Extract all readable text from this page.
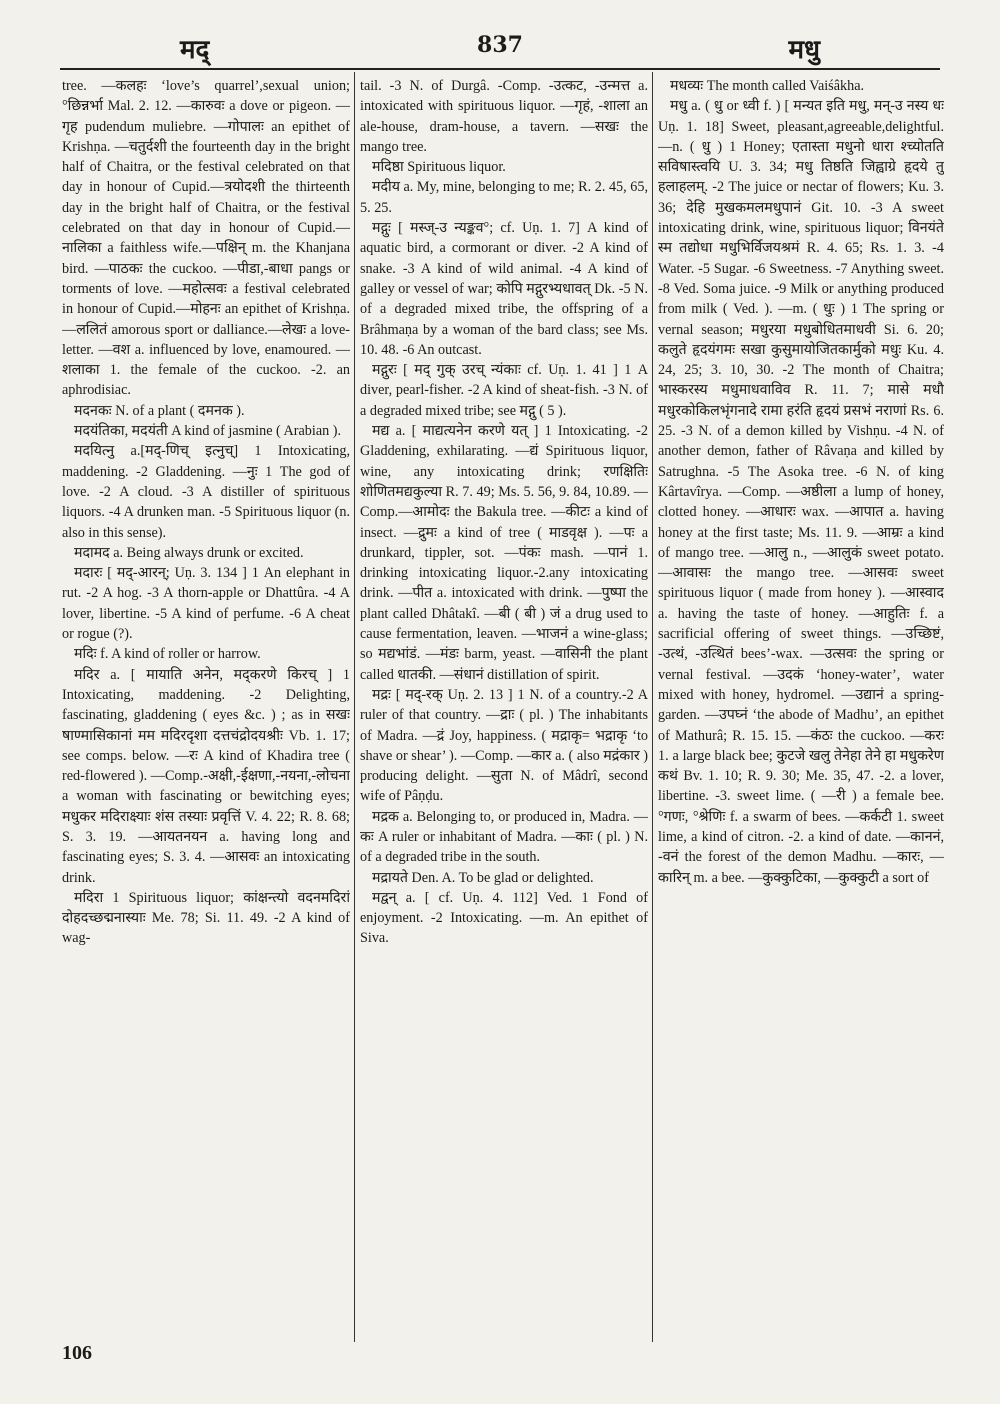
मद्	837	मधु

tree. —कलहः ‘love’s quarrel’,sexual union; °छिन्नर्भा Mal. 2. 12. —कारुवः a dove or pigeon. —गृह pudendum muliebre. —गोपालः an epithet of Krishṇa. —चतुर्दशी the fourteenth day in the bright half of Chaitra, or the festival celebrated on that day in honour of Cupid.—त्रयोदशी the thirteenth day in the bright half of Chaitra, or the festival celebrated on that day in honour of Cupid.—नालिका a faithless wife.—पक्षिन् m. the Khanjana bird. —पाठकः the cuckoo. —पीडा,-बाधा pangs or torments of love. —महोत्सवः a festival celebrated in honour of Cupid.—मोहनः an epithet of Krishṇa. —ललितं amorous sport or dalliance.—लेखः a love-letter. —वश a. influenced by love, enamoured. —शलाका 1. the female of the cuckoo. -2. an aphrodisiac.

मदनकः N. of a plant ( दमनक ).

मदयंतिका, मदयंती A kind of jasmine ( Arabian ).

मदयित्नु a.[मद्-णिच् इत्नुच्] 1 Intoxicating, maddening. -2 Gladdening. —नुः 1 The god of love. -2 A cloud. -3 A distiller of spirituous liquors. -4 A drunken man. -5 Spirituous liquor (n. also in this sense).

मदामद a. Being always drunk or excited.

मदारः [ मद्-आरन्; Uṇ. 3. 134 ] 1 An elephant in rut. -2 A hog. -3 A thorn-apple or Dhattûra. -4 A lover, libertine. -5 A kind of perfume. -6 A cheat or rogue (?).

मदिः f. A kind of roller or harrow.

मदिर a. [ मायाति अनेन, मद्करणे किरच् ] 1 Intoxicating, maddening. -2 Delighting, fascinating, gladdening ( eyes &c. ) ; as in सखः षाण्मासिकानां मम मदिरदृशा दत्तचंद्रोदयश्रीः Vb. 1. 17; see comps. below. —रः A kind of Khadira tree ( red-flowered ). —Comp.-अक्षी,-ईक्षणा,-नयना,-लोचना a woman with fascinating or bewitching eyes; मधुकर मदिराक्ष्याः शंस तस्याः प्रवृत्तिं V. 4. 22; R. 8. 68; S. 3. 19. —आयतनयन a. having long and fascinating eyes; S. 3. 4. —आसवः an intoxicating drink.

मदिरा 1 Spirituous liquor; कांक्षन्त्यो वदनमदिरां दोहदच्छद्मनास्याः Me. 78; Si. 11. 49. -2 A kind of wag-

tail. -3 N. of Durgâ. -Comp. -उत्कट, -उन्मत्त a. intoxicated with spirituous liquor. —गृहं, -शाला an ale-house, dram-house, a tavern. —सखः the mango tree.

मदिष्ठा Spirituous liquor.

मदीय a. My, mine, belonging to me; R. 2. 45, 65, 5. 25.

मद्गुः [ मस्ज्-उ न्यङ्कव°; cf. Uṇ. 1. 7] A kind of aquatic bird, a cormorant or diver. -2 A kind of snake. -3 A kind of wild animal. -4 A kind of galley or vessel of war; कोपि मद्गुरभ्यधावत् Dk. -5 N. of a degraded mixed tribe, the offspring of a Brâhmaṇa by a woman of the bard class; see Ms. 10. 48. -6 An outcast.

मद्गुरः [ मद् गुक् उरच् न्यंकाः cf. Uṇ. 1. 41 ] 1 A diver, pearl-fisher. -2 A kind of sheat-fish. -3 N. of a degraded mixed tribe; see मद्गु ( 5 ).

मद्य a. [ माद्यत्यनेन करणे यत् ] 1 Intoxicating. -2 Gladdening, exhilarating. —द्यं Spirituous liquor, wine, any intoxicating drink; रणक्षितिः शोणितमद्यकुल्या R. 7. 49; Ms. 5. 56, 9. 84, 10.89. —Comp.—आमोदः the Bakula tree. —कीटः a kind of insect. —द्रुमः a kind of tree ( माडवृक्ष ). —पः a drunkard, tippler, sot. —पंकः mash. —पानं 1. drinking intoxicating liquor.-2.any intoxicating drink. —पीत a. intoxicated with drink. —पुष्पा the plant called Dhâtakî. —बी ( बी ) जं a drug used to cause fermentation, leaven. —भाजनं a wine-glass; so मद्यभांडं. —मंडः barm, yeast. —वासिनी the plant called धातकी. —संधानं distillation of spirit.

मद्रः [ मद्-रक् Uṇ. 2. 13 ] 1 N. of a country.-2 A ruler of that country. —द्राः ( pl. ) The inhabitants of Madra. —द्रं Joy, happiness. ( मद्राकृ= भद्राकृ ‘to shave or shear’ ). —Comp. —कार a. ( also मद्रंकार ) producing delight. —सुता N. of Mâdrî, second wife of Pâṇḍu.

मद्रक a. Belonging to, or produced in, Madra. —कः A ruler or inhabitant of Madra. —काः ( pl. ) N. of a degraded tribe in the south.

मद्रायते Den. A. To be glad or delighted.

मद्वन् a. [ cf. Uṇ. 4. 112] Ved. 1 Fond of enjoyment. -2 Intoxicating. —m. An epithet of Siva.

मधव्यः The month called Vaiśâkha.

मधु a. ( धु or ध्वी f. ) [ मन्यत इति मधु, मन्-उ नस्य धः Uṇ. 1. 18] Sweet, pleasant,agreeable,delightful. —n. ( धु ) 1 Honey; एतास्ता मधुनो धारा श्च्योतति सविषास्त्वयि U. 3. 34; मधु तिष्ठति जिह्वाग्रे हृदये तु हलाहलम्. -2 The juice or nectar of flowers; Ku. 3. 36; देहि मुखकमलमधुपानं Git. 10. -3 A sweet intoxicating drink, wine, spirituous liquor; विनयंते स्म तद्योधा मधुभिर्विजयश्रमं R. 4. 65; Rs. 1. 3. -4 Water. -5 Sugar. -6 Sweetness. -7 Anything sweet. -8 Ved. Soma juice. -9 Milk or anything produced from milk ( Ved. ). —m. ( धुः ) 1 The spring or vernal season; मधुरया मधुबोधितमाधवी Si. 6. 20; कलुते हृदयंगमः सखा कुसुमायोजितकार्मुको मधुः Ku. 4. 24, 25; 3. 10, 30. -2 The month of Chaitra; भास्करस्य मधुमाधवाविव R. 11. 7; मासे मधौ मधुरकोकिलभृंगनादे रामा हरंति हृदयं प्रसभं नराणां Rs. 6. 25. -3 N. of a demon killed by Vishṇu. -4 N. of another demon, father of Râvaṇa and killed by Satrughna. -5 The Asoka tree. -6 N. of king Kârtavîrya. —Comp. —अष्ठीला a lump of honey, clotted honey. —आधारः wax. —आपात a. having honey at the first taste; Ms. 11. 9. —आम्रः a kind of mango tree. —आलु n., —आलुकं sweet potato. —आवासः the mango tree. —आसवः sweet spirituous liquor ( made from honey ). —आस्वाद a. having the taste of honey. —आहुतिः f. a sacrificial offering of sweet things. —उच्छिष्टं, -उत्थं, -उत्थितं bees’-wax. —उत्सवः the spring or vernal festival. —उदकं ‘honey-water’, water mixed with honey, hydromel. —उद्यानं a spring-garden. —उपघ्नं ‘the abode of Madhu’, an epithet of Mathurâ; R. 15. 15. —कंठः the cuckoo. —करः 1. a large black bee; कुटजे खलु तेनेहा तेने हा मधुकरेण कथं Bv. 1. 10; R. 9. 30; Me. 35, 47. -2. a lover, libertine. -3. sweet lime. ( —री ) a female bee. °गणः, °श्रेणिः f. a swarm of bees. —कर्कटी 1. sweet lime, a kind of citron. -2. a kind of date. —काननं, -वनं the forest of the demon Madhu. —कारः, —कारिन् m. a bee. —कुक्कुटिका, —कुक्कुटी a sort of

106
